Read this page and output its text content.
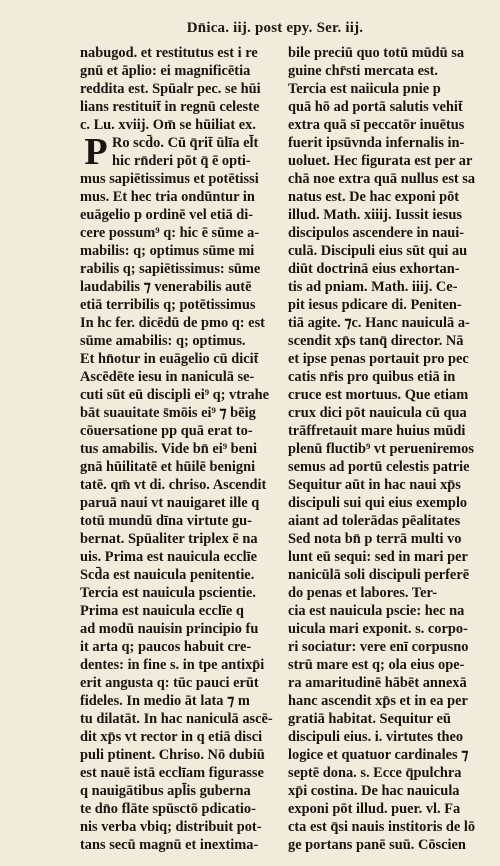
Dn̄ica. iij. post epy. Ser. iij.
P
nabugod. et restitutus est i re
gnū et āplio: ei magnificētia
reddita est. Spūalr pec. se hūi
lians restituit̄ in regnū celeste
c. Lu. xviij. Om̄ se hūiliat ex.
Ro scd̄o. Cū q̄rit̄ ūlīa el̄t
hic rn̄deri pōt q̄ ē opti-
mus sapiētissimus et potētissi
mus. Et hec tria ondūntur in
euāgelio p ordinē vel etiā di-
cere possum⁹ q: hic ē sūme a-
mabilis: q; optimus sūme mi
rabilis q; sapiētissimus: sūme
laudabilis ⁊ venerabilis autē
etiā terribilis q; potētissimus
In hc fer. dicēdū de pmo q: est
sūme amabilis: q; optimus.
Et hn̄otur in euāgelio cū dicit̄
Ascēdēte iesu in naniculā se-
cuti sūt eū discipli ei⁹ q; vtrahe
bāt suauitate s̄mōis ei⁹ ⁊ bēig
cōuersatione pp quā erat to-
tus amabilis. Vide bn̄ ei⁹ beni
gnā hūilitatē et hūilē benigni
tatē. qm̄ vt di. chriso. Ascendit
paruā naui vt nauigaret ille q
totū mundū dīna virtute gu-
bernat. Spūaliter triplex ē na
uis. Prima est nauicula ecclīe
Scd̄a est nauicula penitentie.
Tercia est nauicula pscientie.
Prima est nauicula ecclīe q
ad modū nauisin principio fu
it arta q; paucos habuit cre-
dentes: in fine s. in tpe antixp̄i
erit angusta q: tūc pauci erūt
fideles. In medio āt lata ⁊ m
tu dilatāt. In hac naniculā ascē-
dit xp̄s vt rector in q etiā disci
puli ptinent. Chriso. Nō dubiū
est nauē istā ecclīam figurasse
q nauigātibus apl̄is guberna
te dn̄o flāte spūsctō pdicatio-
nis verba vbiq; distribuit pot-
tans secū magnū et inextima-
bile preciū quo totū mūdū sa
guine chr̄sti mercata est.
Tercia est naiicula pnie p
quā hō ad portā salutis vehit̄
extra quā sī peccatōr inuētus
fuerit ipsūvnda infernalis in-
uoluet. Hec figurata est per ar
chā noe extra quā nullus est sa
natus est. De hac exponi pōt
illud. Math. xiiij. Iussit iesus
discipulos ascendere in naui-
culā. Discipuli eius sūt qui au
diūt doctrinā eius exhortan-
tis ad pniam. Math. iiij. Ce-
pit iesus pdicare di. Peniten-
tiā agite. ⁊c. Hanc nauiculā a-
scendit xp̄s tanq̄ director. Nā
et ipse penas portauit pro pec
catis nr̄is pro quibus etiā in
cruce est mortuus. Que etiam
crux dici pōt nauicula cū qua
trāffretauit mare huius mūdi
plenū fluctib⁹ vt perueniremos
semus ad portū celestis patrie
Sequitur aūt in hac naui xp̄s
discipuli sui qui eius exemplo
aiant ad tolerādas pēalitates
Sed nota bn̄ p terrā multi vo
lunt eū sequi: sed in mari per
nanicūlā soli discipuli perferē
do penas et labores. Ter-
cia est nauicula pscie: hec na
uicula mari exponit. s. corpo-
ri sociatur: vere enī corpusno
strū mare est q; ola eius ope-
ra amaritudinē hābēt annexā
hanc ascendit xp̄s et in ea per
gratiā habitat. Sequitur eū
discipuli eius. i. virtutes theo
logice et quatuor cardinales ⁊
septē dona. s. Ecce q̄pulchra
xp̄i costina. De hac nauicula
exponi pōt illud. puer. vl. Fa
cta est q̄si nauis institoris de lō
ge portans panē suū. Cōscien
